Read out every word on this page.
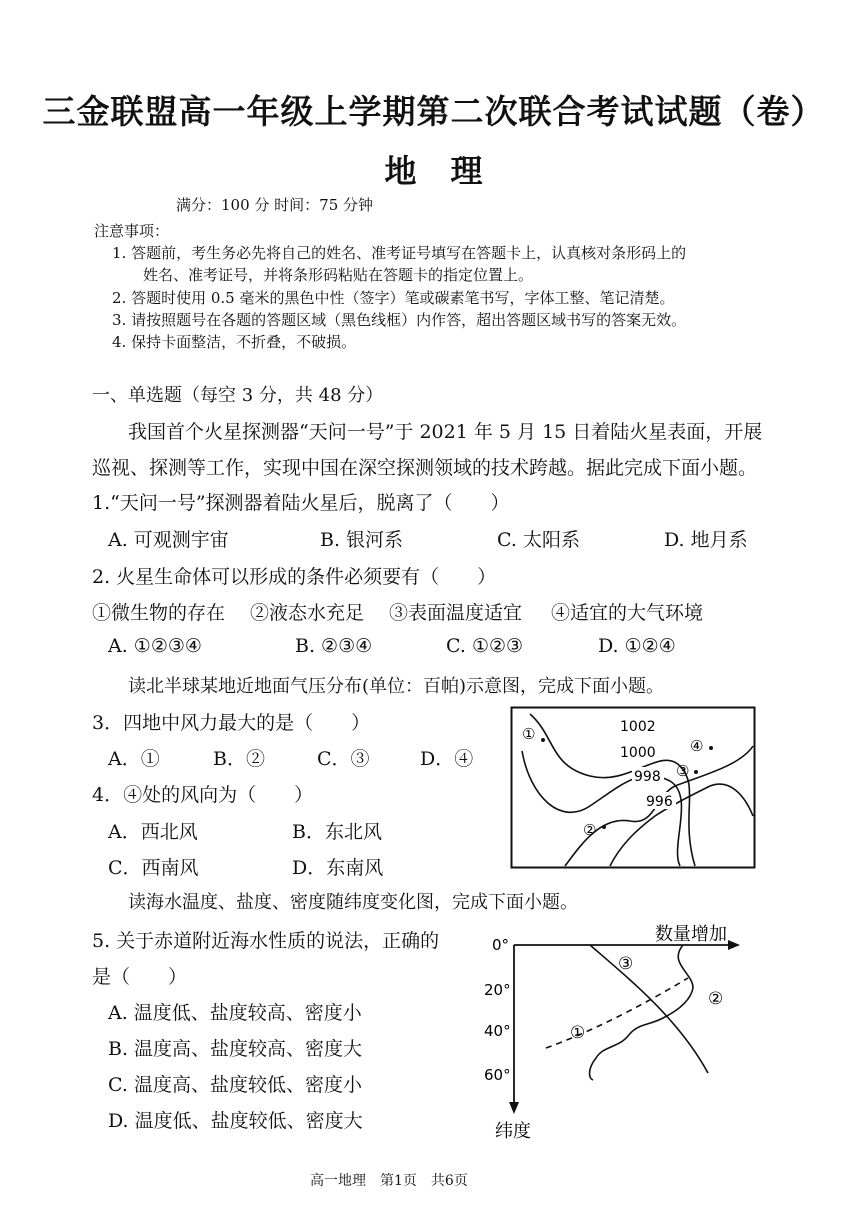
三金联盟高一年级上学期第二次联合考试试题（卷）
地理
满分：100 分 时间：75 分钟
注意事项：
1. 答题前，考生务必先将自己的姓名、准考证号填写在答题卡上，认真核对条形码上的
姓名、准考证号，并将条形码粘贴在答题卡的指定位置上。
2. 答题时使用 0.5 毫米的黑色中性（签字）笔或碳素笔书写，字体工整、笔记清楚。
3. 请按照题号在各题的答题区域（黑色线框）内作答，超出答题区域书写的答案无效。
4. 保持卡面整洁，不折叠，不破损。
一、单选题（每空 3 分，共 48 分）
我国首个火星探测器“天问一号”于 2021 年 5 月 15 日着陆火星表面，开展
巡视、探测等工作，实现中国在深空探测领域的技术跨越。据此完成下面小题。
1.“天问一号”探测器着陆火星后，脱离了（　　）
A. 可观测宇宙	B. 银河系	C. 太阳系	D. 地月系
2. 火星生命体可以形成的条件必须要有（　　）
①微生物的存在 ②液态水充足 ③表面温度适宜 ④适宜的大气环境
A. ①②③④	B. ②③④	C. ①②③	D. ①②④
读北半球某地近地面气压分布(单位：百帕)示意图，完成下面小题。
3．四地中风力最大的是（　　）
A．①	B．②	C．③	D．④
4．④处的风向为（　　）
A．西北风	B．东北风
C．西南风	D．东南风
1002
1000
998
996
①
②
③
④
读海水温度、盐度、密度随纬度变化图，完成下面小题。
5. 关于赤道附近海水性质的说法，正确的
是（　　）
A. 温度低、盐度较高、密度小
B. 温度高、盐度较高、密度大
C. 温度高、盐度较低、密度小
D. 温度低、盐度较低、密度大
数量增加
纬度
0°
20°
40°
60°
③
②
①
高一地理　第1页　共6页
